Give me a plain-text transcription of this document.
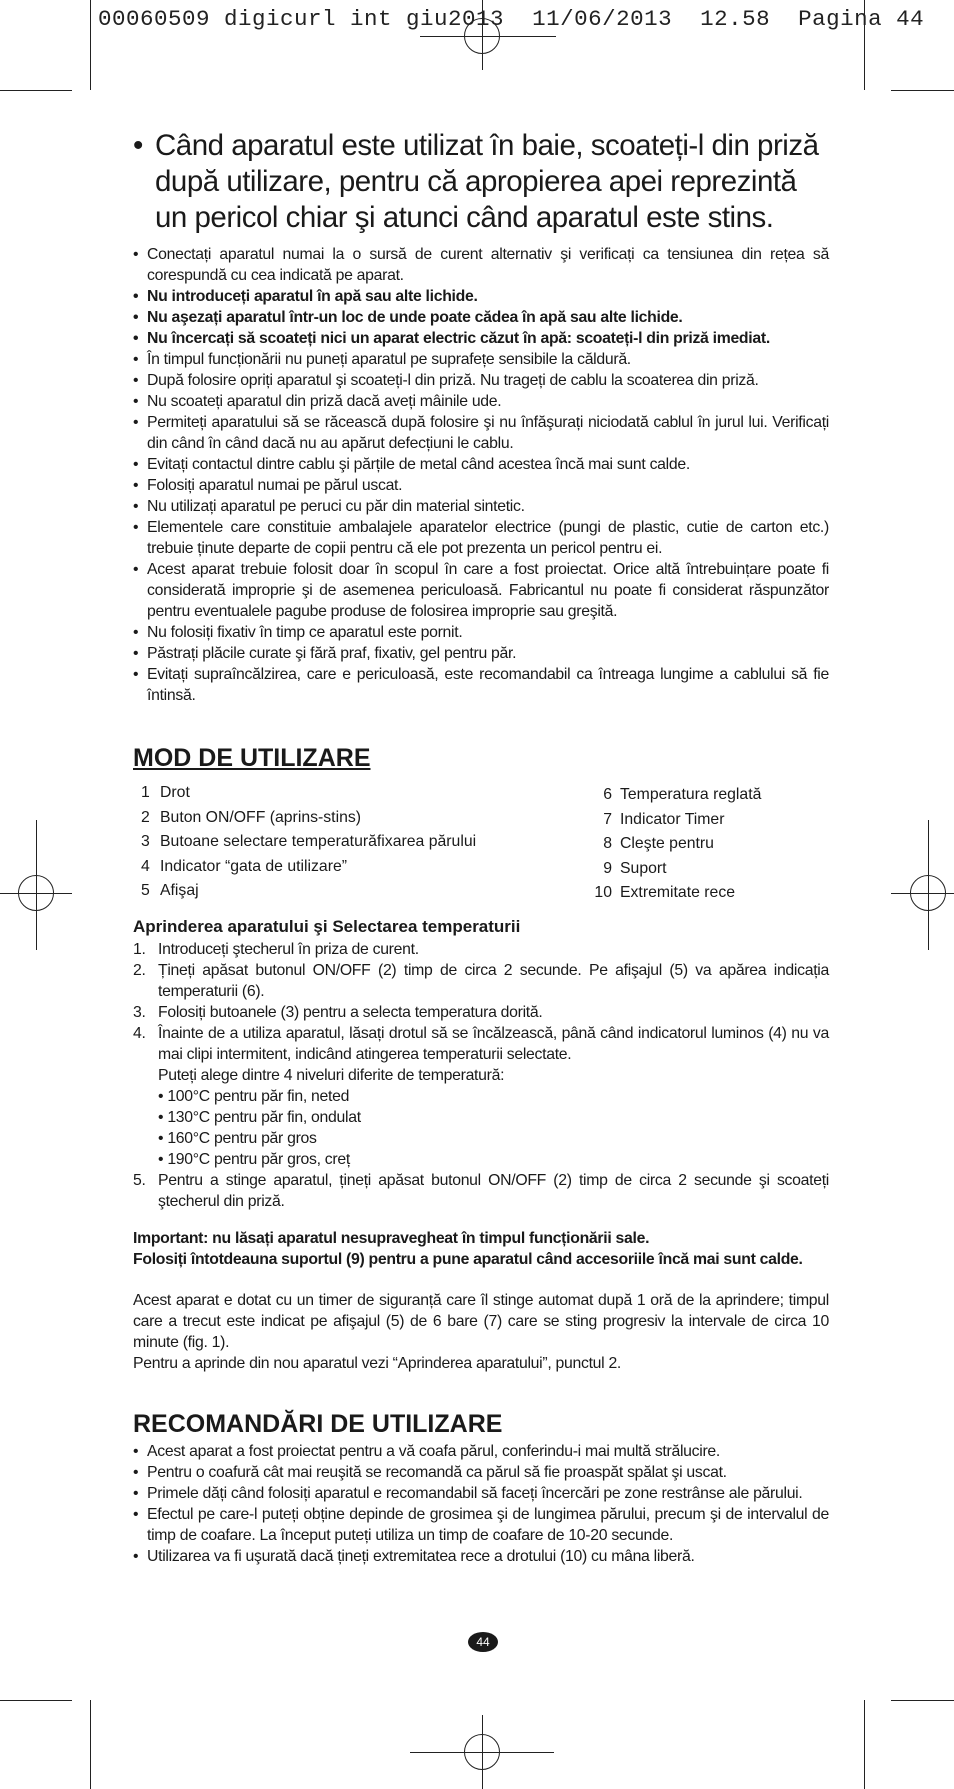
00060509 digicurl int giu2013  11/06/2013  12.58  Pagina 44

• Când aparatul este utilizat în baie, scoateți-l din priză după utilizare, pentru că apropierea apei reprezintă un pericol chiar şi atunci când aparatul este stins.

• Conectați aparatul numai la o sursă de curent alternativ şi verificați ca tensiunea din rețea să corespundă cu cea indicată pe aparat.
• Nu introduceți aparatul în apă sau alte lichide.
• Nu aşezați aparatul într-un loc de unde poate cădea în apă sau alte lichide.
• Nu încercați să scoateți nici un aparat electric căzut în apă: scoateți-l din priză imediat.
• În timpul funcționării nu puneți aparatul pe suprafețe sensibile la căldură.
• După folosire opriți aparatul şi scoateți-l din priză. Nu trageți de cablu la scoaterea din priză.
• Nu scoateți aparatul din priză dacă aveți mâinile ude.
• Permiteți aparatului să se răcească după folosire şi nu înfăşurați niciodată cablul în jurul lui. Verificați din când în când dacă nu au apărut defecțiuni le cablu.
• Evitați contactul dintre cablu şi părțile de metal când acestea încă mai sunt calde.
• Folosiți aparatul numai pe părul uscat.
• Nu utilizați aparatul pe peruci cu păr din material sintetic.
• Elementele care constituie ambalajele aparatelor electrice (pungi de plastic, cutie de carton etc.) trebuie ținute departe de copii pentru că ele pot prezenta un pericol pentru ei.
• Acest aparat trebuie folosit doar în scopul în care a fost proiectat. Orice altă întrebuințare poate fi considerată improprie şi de asemenea periculoasă. Fabricantul nu poate fi considerat răspunzător pentru eventualele pagube produse de folosirea improprie sau greşită.
• Nu folosiți fixativ în timp ce aparatul este pornit.
• Păstrați plăcile curate şi fără praf, fixativ, gel pentru păr.
• Evitați supraîncălzirea, care e periculoasă, este recomandabil ca întreaga lungime a cablului să fie întinsă.
MOD DE UTILIZARE
1 Drot
2 Buton ON/OFF (aprins-stins)
3 Butoane selectare temperaturăfixarea părului
4 Indicator “gata de utilizare”
5 Afişaj
6 Temperatura reglată
7 Indicator Timer
8 Cleşte pentru
9 Suport
10 Extremitate rece
Aprinderea aparatului şi Selectarea temperaturii
1. Introduceți ştecherul în priza de curent.
2. Țineți apăsat butonul ON/OFF (2) timp de circa 2 secunde. Pe afişajul (5) va apărea indicația temperaturii (6).
3. Folosiți butoanele (3) pentru a selecta temperatura dorită.
4. Înainte de a utiliza aparatul, lăsați drotul să se încălzească, până când indicatorul luminos (4) nu va mai clipi intermitent, indicând atingerea temperaturii selectate.
Puteți alege dintre 4 niveluri diferite de temperatură:
• 100°C pentru păr fin, neted
• 130°C pentru păr fin, ondulat
• 160°C pentru păr gros
• 190°C pentru păr gros, creț
5. Pentru a stinge aparatul, țineți apăsat butonul ON/OFF (2) timp de circa 2 secunde şi scoateți ştecherul din priză.

Important: nu lăsați aparatul nesupravegheat în timpul funcționării sale.

Folosiți întotdeauna suportul (9) pentru a pune aparatul când accesoriile încă mai sunt calde.

Acest aparat e dotat cu un timer de siguranță care îl stinge automat după 1 oră de la aprindere; timpul care a trecut este indicat pe afişajul (5) de 6 bare (7) care se sting progresiv la intervale de circa 10 minute (fig. 1).

Pentru a aprinde din nou aparatul vezi “Aprinderea aparatului”, punctul 2.

RECOMANDĂRI DE UTILIZARE
• Acest aparat a fost proiectat pentru a vă coafa părul, conferindu-i mai multă strălucire.
• Pentru o coafură cât mai reuşită se recomandă ca părul să fie proaspăt spălat şi uscat.
• Primele dăți când folosiți aparatul e recomandabil să faceți încercări pe zone restrânse ale părului.
• Efectul pe care-l puteți obține depinde de grosimea şi de lungimea părului, precum şi de intervalul de timp de coafare. La început puteți utiliza un timp de coafare de 10-20 secunde.
• Utilizarea va fi uşurată dacă țineți extremitatea rece a drotului (10) cu mâna liberă.
44
